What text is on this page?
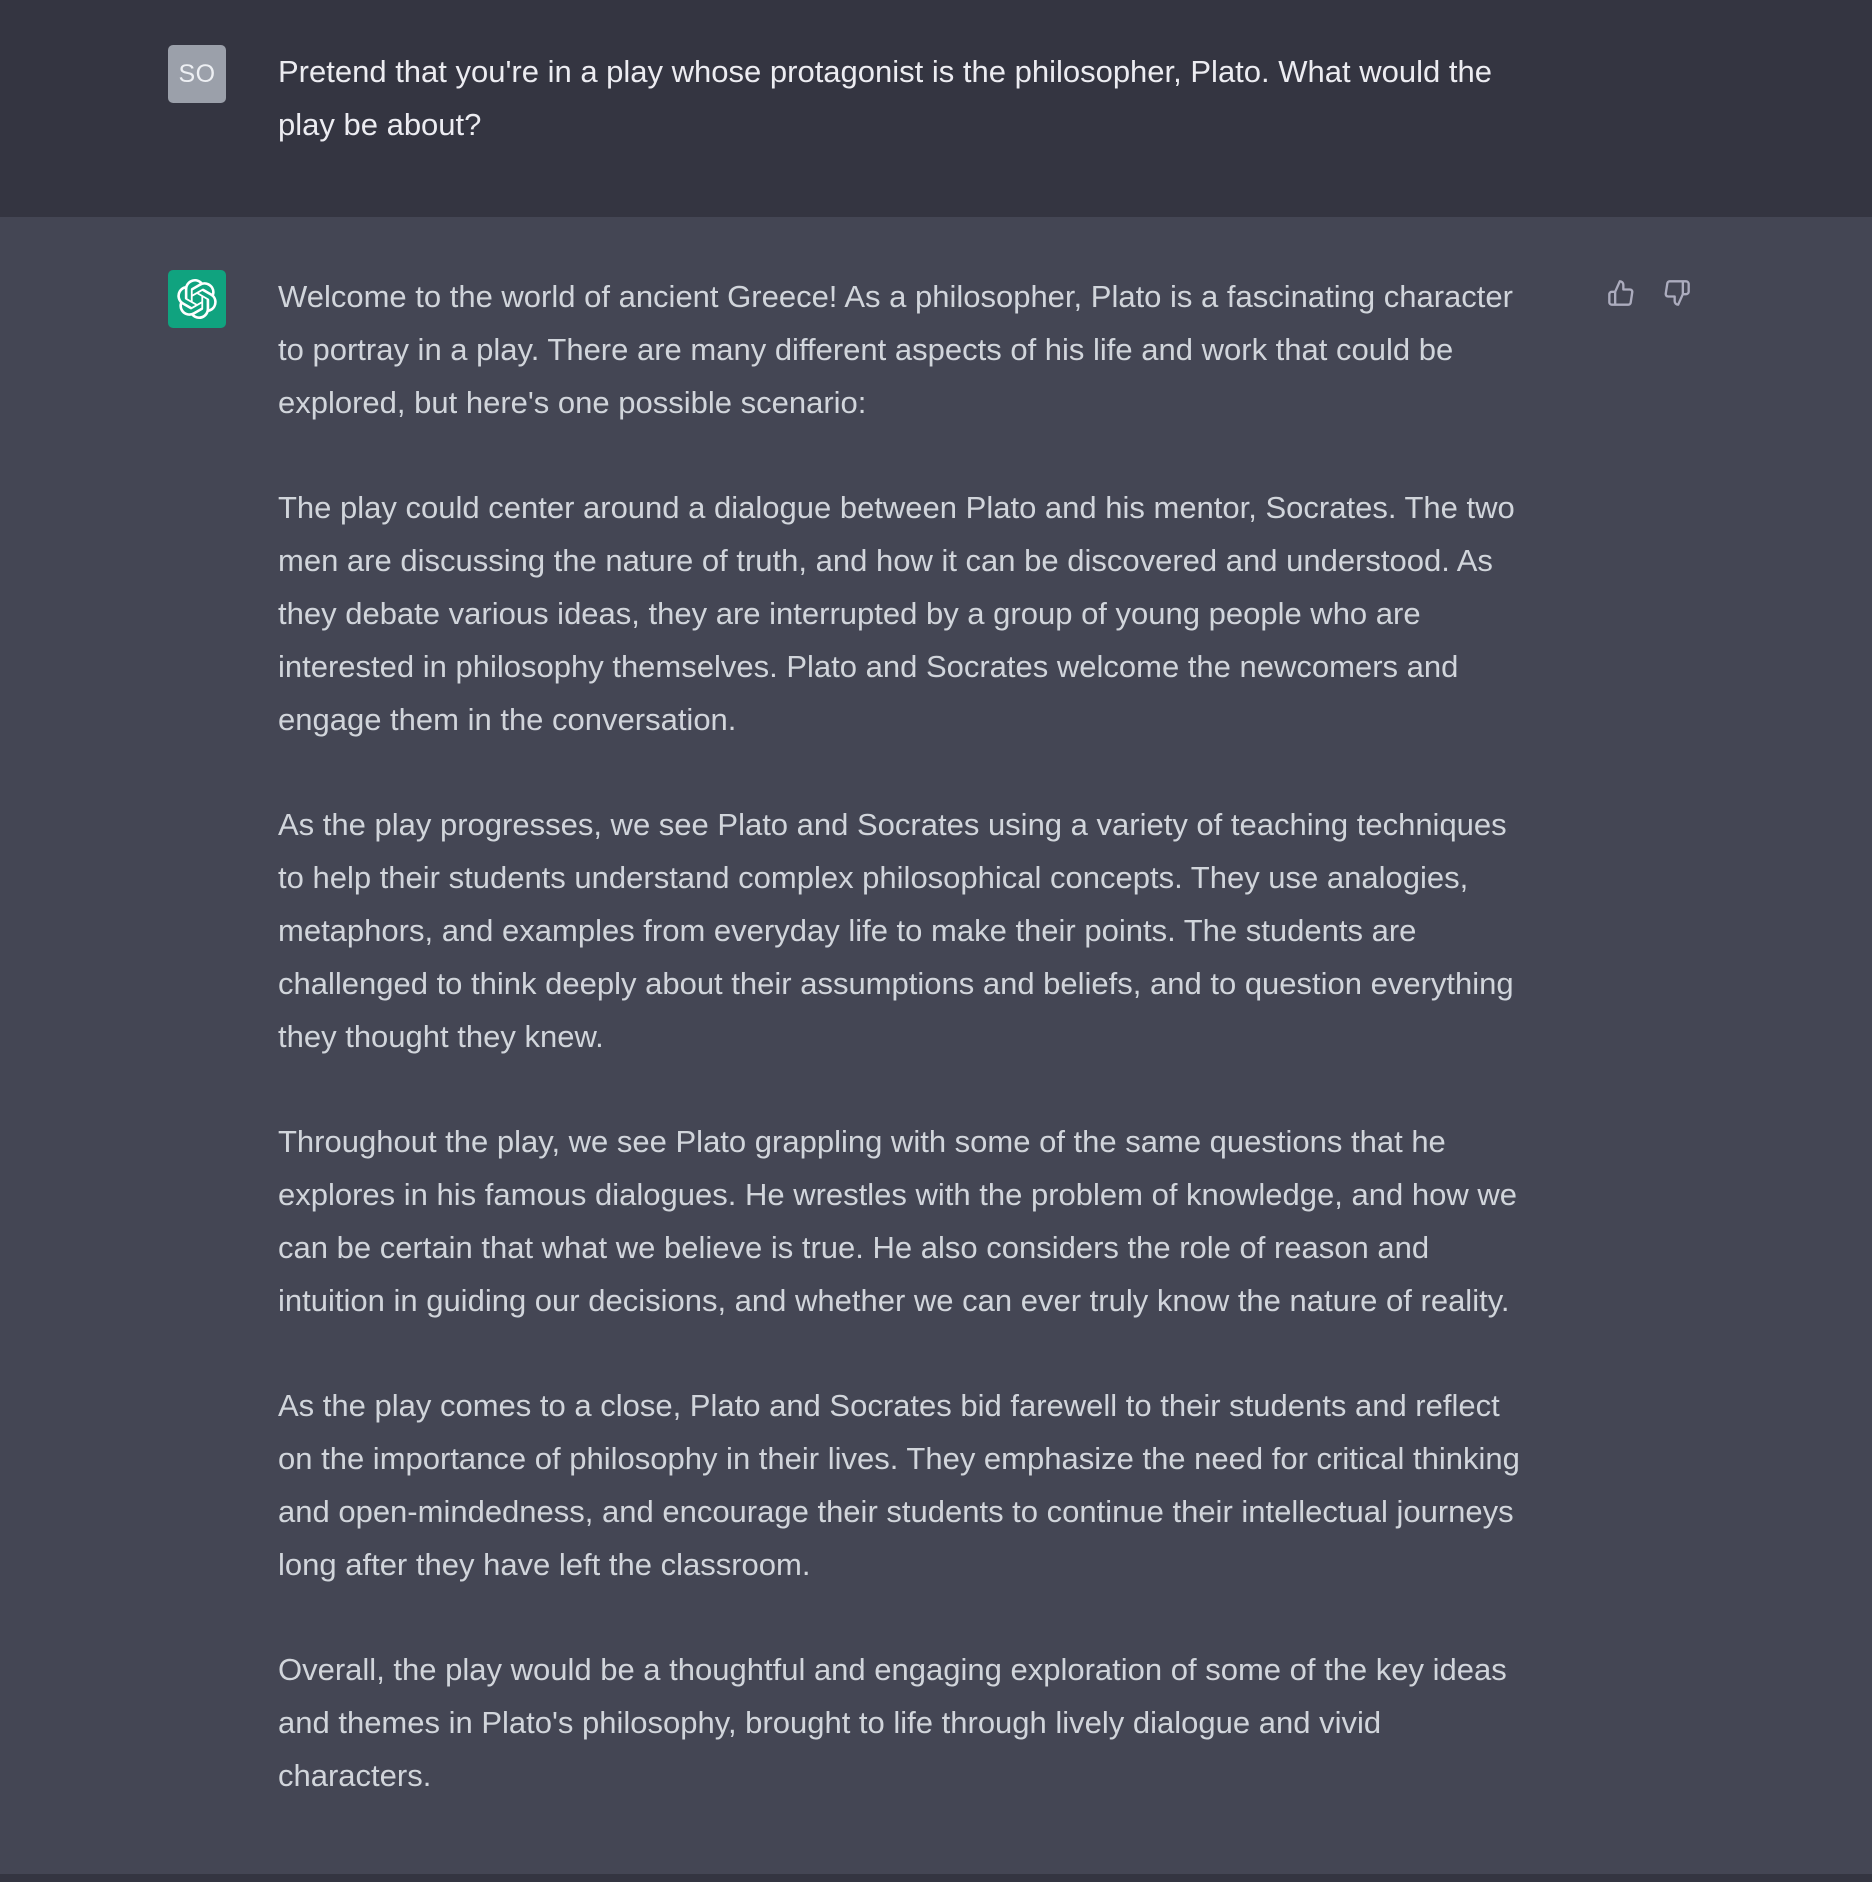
SO Pretend that you're in a play whose protagonist is the philosopher, Plato. What would the play be about?

Welcome to the world of ancient Greece! As a philosopher, Plato is a fascinating character to portray in a play. There are many different aspects of his life and work that could be explored, but here's one possible scenario:

The play could center around a dialogue between Plato and his mentor, Socrates. The two men are discussing the nature of truth, and how it can be discovered and understood. As they debate various ideas, they are interrupted by a group of young people who are interested in philosophy themselves. Plato and Socrates welcome the newcomers and engage them in the conversation.

As the play progresses, we see Plato and Socrates using a variety of teaching techniques to help their students understand complex philosophical concepts. They use analogies, metaphors, and examples from everyday life to make their points. The students are challenged to think deeply about their assumptions and beliefs, and to question everything they thought they knew.

Throughout the play, we see Plato grappling with some of the same questions that he explores in his famous dialogues. He wrestles with the problem of knowledge, and how we can be certain that what we believe is true. He also considers the role of reason and intuition in guiding our decisions, and whether we can ever truly know the nature of reality.

As the play comes to a close, Plato and Socrates bid farewell to their students and reflect on the importance of philosophy in their lives. They emphasize the need for critical thinking and open-mindedness, and encourage their students to continue their intellectual journeys long after they have left the classroom.

Overall, the play would be a thoughtful and engaging exploration of some of the key ideas and themes in Plato's philosophy, brought to life through lively dialogue and vivid characters.
